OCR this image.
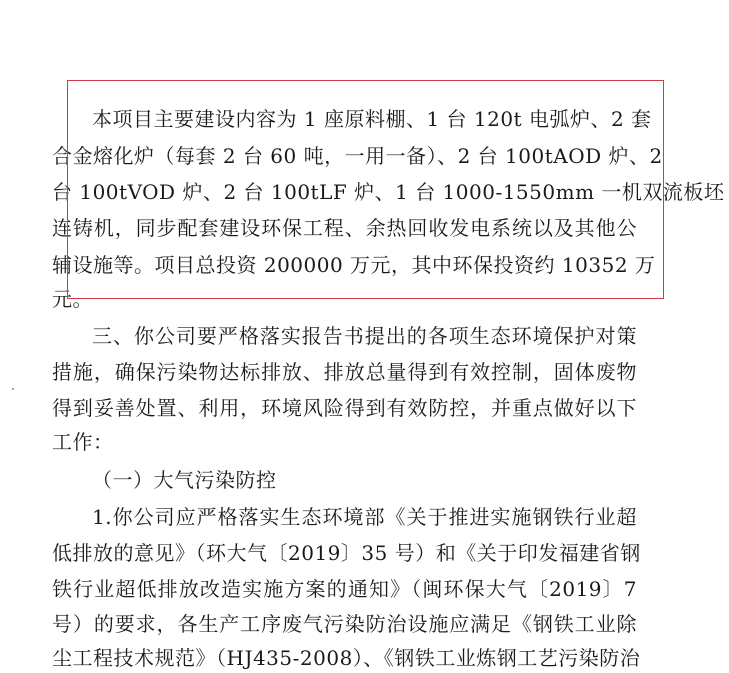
本项目主要建设内容为 1 座原料棚、1 台 120t 电弧炉、2 套
合金熔化炉（每套 2 台 60 吨，一用一备）、2 台 100tAOD 炉、2
台 100tVOD 炉、2 台 100tLF 炉、1 台 1000-1550mm 一机双流板坯
连铸机，同步配套建设环保工程、余热回收发电系统以及其他公
辅设施等。项目总投资 200000 万元，其中环保投资约 10352 万
元。
三、你公司要严格落实报告书提出的各项生态环境保护对策
措施，确保污染物达标排放、排放总量得到有效控制，固体废物
得到妥善处置、利用，环境风险得到有效防控，并重点做好以下
工作：
（一）大气污染防控
1.你公司应严格落实生态环境部《关于推进实施钢铁行业超
低排放的意见》（环大气〔2019〕35 号）和《关于印发福建省钢
铁行业超低排放改造实施方案的通知》（闽环保大气〔2019〕7
号）的要求，各生产工序废气污染防治设施应满足《钢铁工业除
尘工程技术规范》（HJ435-2008）、《钢铁工业炼钢工艺污染防治
